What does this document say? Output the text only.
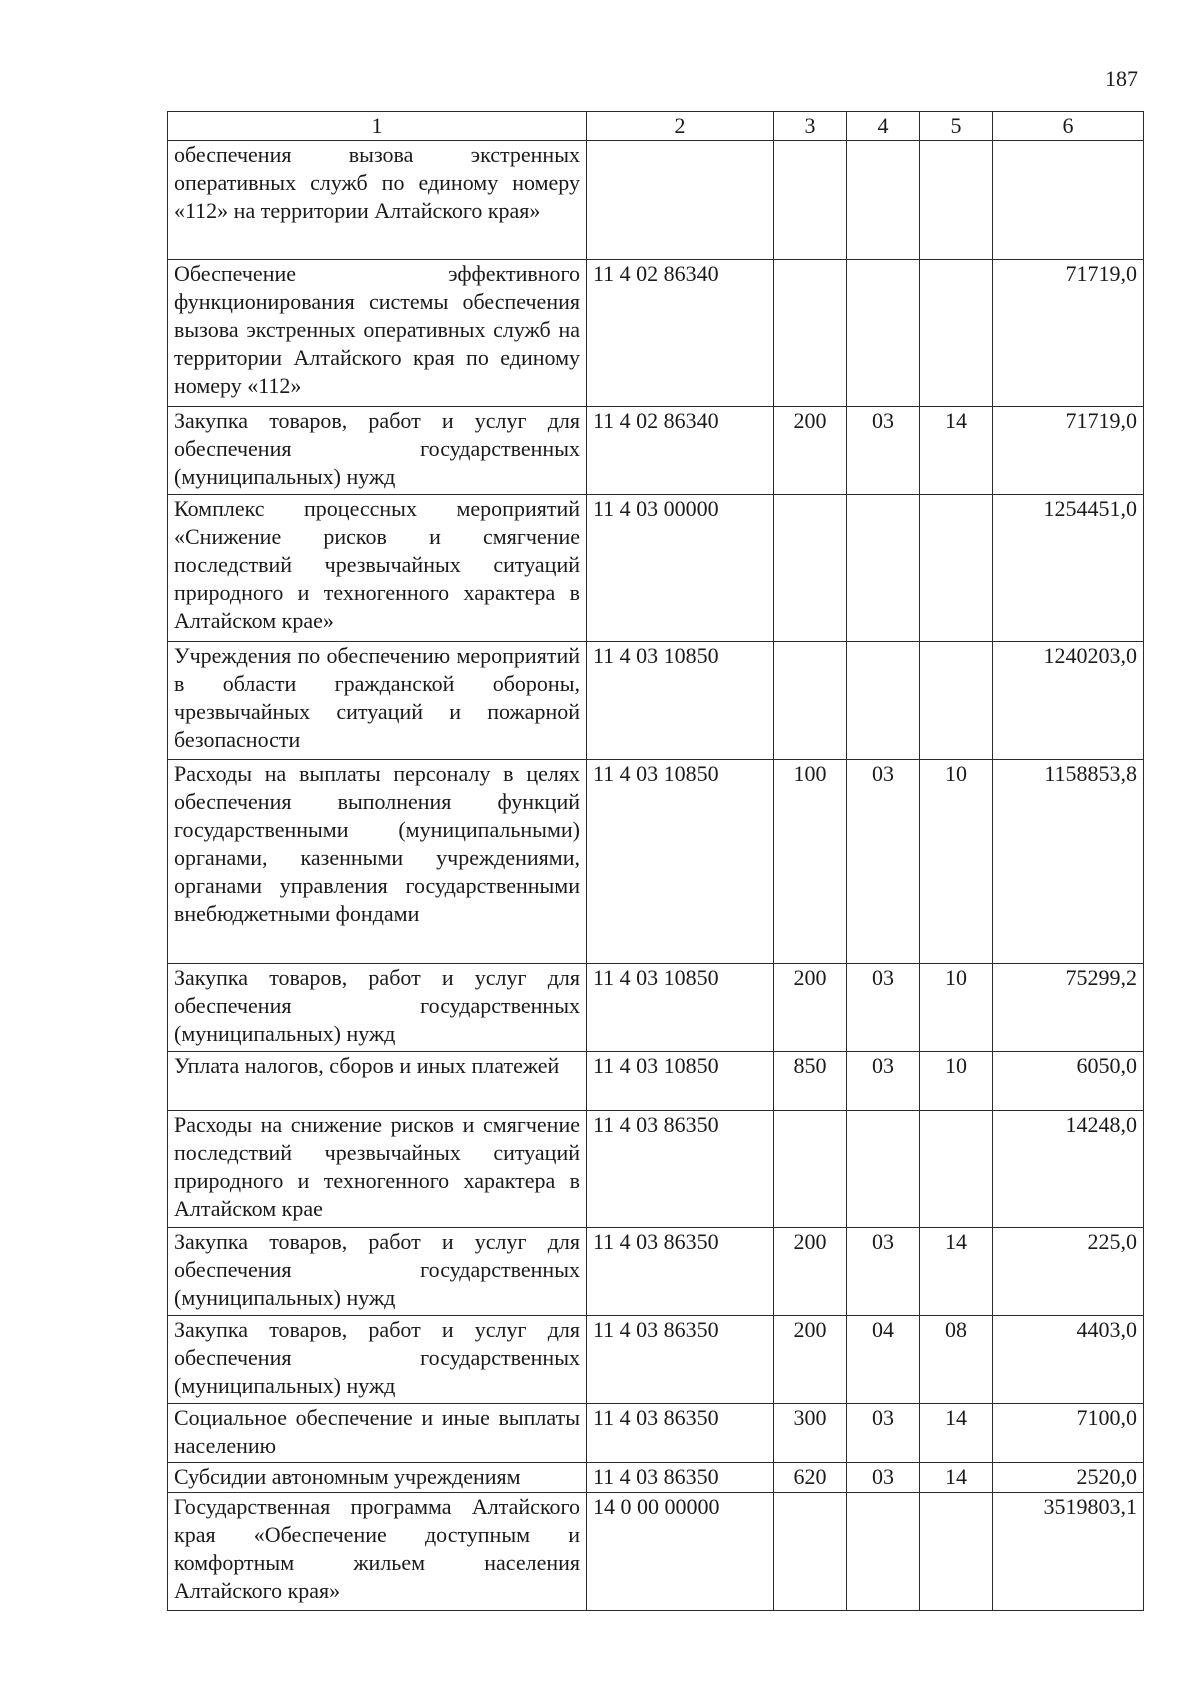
187
1	2	3	4	5	6
обеспечения вызова экстренных оперативных служб по единому номеру «112» на территории Алтайского края»					
Обеспечение эффективного функционирования системы обеспечения вызова экстренных оперативных служб на территории Алтайского края по единому номеру «112»	11 4 02 86340				71719,0
Закупка товаров, работ и услуг для обеспечения государственных (муниципальных) нужд	11 4 02 86340	200	03	14	71719,0
Комплекс процессных мероприятий «Снижение рисков и смягчение последствий чрезвычайных ситуаций природного и техногенного характера в Алтайском крае»	11 4 03 00000				1254451,0
Учреждения по обеспечению мероприятий в области гражданской обороны, чрезвычайных ситуаций и пожарной безопасности	11 4 03 10850				1240203,0
Расходы на выплаты персоналу в целях обеспечения выполнения функций государственными (муниципальными) органами, казенными учреждениями, органами управления государственными внебюджетными фондами	11 4 03 10850	100	03	10	1158853,8
Закупка товаров, работ и услуг для обеспечения государственных (муниципальных) нужд	11 4 03 10850	200	03	10	75299,2
Уплата налогов, сборов и иных платежей	11 4 03 10850	850	03	10	6050,0
Расходы на снижение рисков и смягчение последствий чрезвычайных ситуаций природного и техногенного характера в Алтайском крае	11 4 03 86350				14248,0
Закупка товаров, работ и услуг для обеспечения государственных (муниципальных) нужд	11 4 03 86350	200	03	14	225,0
Закупка товаров, работ и услуг для обеспечения государственных (муниципальных) нужд	11 4 03 86350	200	04	08	4403,0
Социальное обеспечение и иные выплаты населению	11 4 03 86350	300	03	14	7100,0
Субсидии автономным учреждениям	11 4 03 86350	620	03	14	2520,0
Государственная программа Алтайского края «Обеспечение доступным и комфортным жильем населения Алтайского края»	14 0 00 00000				3519803,1
